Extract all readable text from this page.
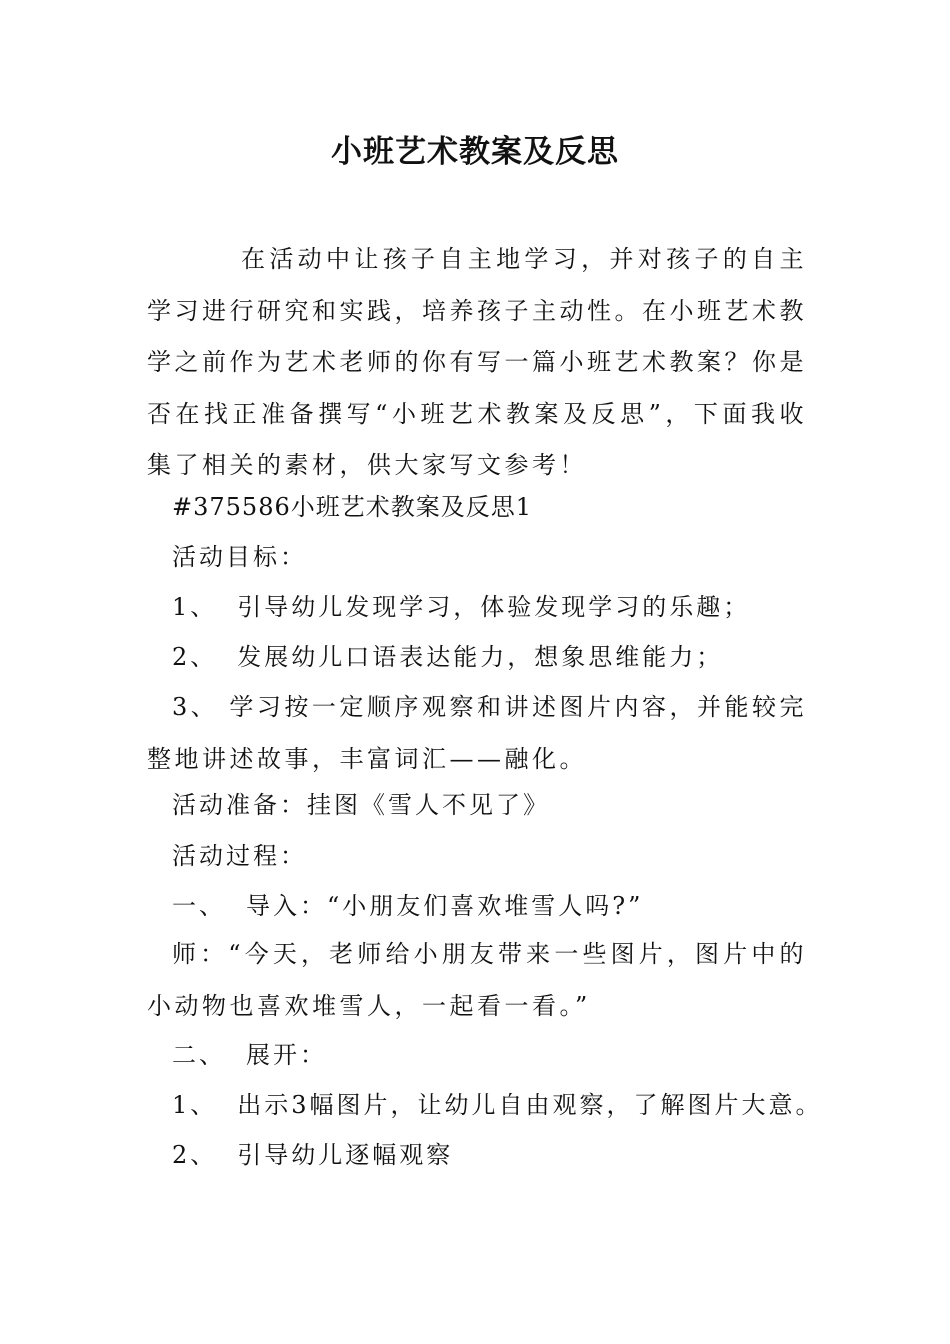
小班艺术教案及反思

在活动中让孩子自主地学习，并对孩子的自主学习进行研究和实践，培养孩子主动性。在小班艺术教学之前作为艺术老师的你有写一篇小班艺术教案？你是否在找正准备撰写“小班艺术教案及反思”，下面我收集了相关的素材，供大家写文参考！

#375586小班艺术教案及反思1

活动目标：

1、 引导幼儿发现学习，体验发现学习的乐趣；

2、 发展幼儿口语表达能力，想象思维能力；

3、 学习按一定顺序观察和讲述图片内容，并能较完整地讲述故事，丰富词汇——融化。

活动准备：挂图《雪人不见了》

活动过程：

一、 导入：“小朋友们喜欢堆雪人吗?”

师：“今天，老师给小朋友带来一些图片，图片中的小动物也喜欢堆雪人，一起看一看。”

二、 展开：

1、 出示3幅图片，让幼儿自由观察，了解图片大意。

2、 引导幼儿逐幅观察
